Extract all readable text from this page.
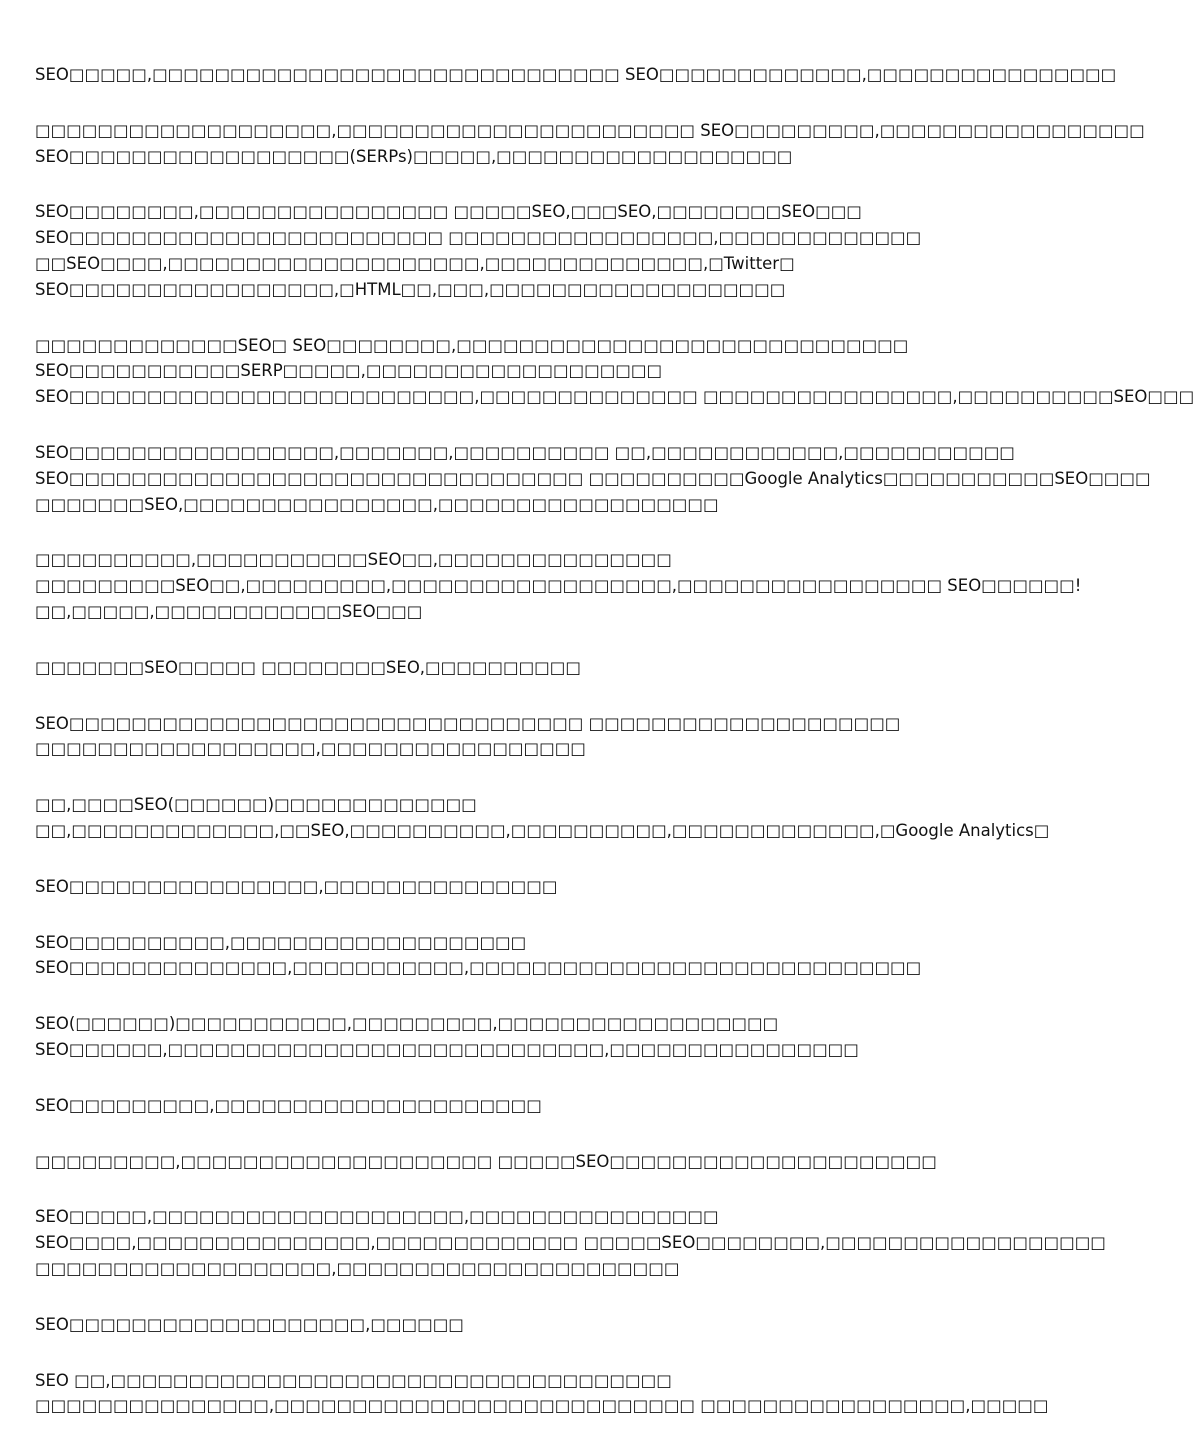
SEO□□□□□,□□□□□□□□□□□□□□□□□□□□□□□□□□□□□□ SEO□□□□□□□□□□□□□,□□□□□□□□□□□□□□□□
□□□□□□□□□□□□□□□□□□□,□□□□□□□□□□□□□□□□□□□□□□□ SEO□□□□□□□□□,□□□□□□□□□□□□□□□□□
SEO□□□□□□□□□□□□□□□□□□(SERPs)□□□□□,□□□□□□□□□□□□□□□□□□□
SEO□□□□□□□□,□□□□□□□□□□□□□□□□ □□□□□SEO,□□□SEO,□□□□□□□□SEO□□□
SEO□□□□□□□□□□□□□□□□□□□□□□□□ □□□□□□□□□□□□□□□□□,□□□□□□□□□□□□□
□□SEO□□□□,□□□□□□□□□□□□□□□□□□□□,□□□□□□□□□□□□□□,□Twitter□
SEO□□□□□□□□□□□□□□□□□,□HTML□□,□□□,□□□□□□□□□□□□□□□□□□□
□□□□□□□□□□□□□SEO□ SEO□□□□□□□□,□□□□□□□□□□□□□□□□□□□□□□□□□□□□□
SEO□□□□□□□□□□□SERP□□□□□,□□□□□□□□□□□□□□□□□□□
SEO□□□□□□□□□□□□□□□□□□□□□□□□□□,□□□□□□□□□□□□□□ □□□□□□□□□□□□□□□□,□□□□□□□□□□SEO□□□
SEO□□□□□□□□□□□□□□□□□,□□□□□□□,□□□□□□□□□□ □□,□□□□□□□□□□□□,□□□□□□□□□□□
SEO□□□□□□□□□□□□□□□□□□□□□□□□□□□□□□□□□ □□□□□□□□□□Google Analytics□□□□□□□□□□□SEO□□□□
□□□□□□□SEO,□□□□□□□□□□□□□□□□,□□□□□□□□□□□□□□□□□□
□□□□□□□□□□,□□□□□□□□□□□SEO□□,□□□□□□□□□□□□□□□
□□□□□□□□□SEO□□,□□□□□□□□□,□□□□□□□□□□□□□□□□□□,□□□□□□□□□□□□□□□□□ SEO□□□□□□!
□□,□□□□□,□□□□□□□□□□□□SEO□□□
□□□□□□□SEO□□□□□ □□□□□□□□SEO,□□□□□□□□□□
SEO□□□□□□□□□□□□□□□□□□□□□□□□□□□□□□□□□ □□□□□□□□□□□□□□□□□□□□
□□□□□□□□□□□□□□□□□□,□□□□□□□□□□□□□□□□□
□□,□□□□SEO(□□□□□□)□□□□□□□□□□□□□
□□,□□□□□□□□□□□□□,□□SEO,□□□□□□□□□□,□□□□□□□□□□,□□□□□□□□□□□□□,□Google Analytics□
SEO□□□□□□□□□□□□□□□□,□□□□□□□□□□□□□□□
SEO□□□□□□□□□□,□□□□□□□□□□□□□□□□□□□
SEO□□□□□□□□□□□□□□,□□□□□□□□□□□,□□□□□□□□□□□□□□□□□□□□□□□□□□□□□
SEO(□□□□□□)□□□□□□□□□□□,□□□□□□□□□,□□□□□□□□□□□□□□□□□□
SEO□□□□□□,□□□□□□□□□□□□□□□□□□□□□□□□□□□□,□□□□□□□□□□□□□□□□
SEO□□□□□□□□□,□□□□□□□□□□□□□□□□□□□□□
□□□□□□□□□,□□□□□□□□□□□□□□□□□□□□ □□□□□SEO□□□□□□□□□□□□□□□□□□□□□
SEO□□□□□,□□□□□□□□□□□□□□□□□□□□,□□□□□□□□□□□□□□□□
SEO□□□□,□□□□□□□□□□□□□□□,□□□□□□□□□□□□□ □□□□□SEO□□□□□□□□,□□□□□□□□□□□□□□□□□□
□□□□□□□□□□□□□□□□□□□,□□□□□□□□□□□□□□□□□□□□□□
SEO□□□□□□□□□□□□□□□□□□□,□□□□□□
SEO □□,□□□□□□□□□□□□□□□□□□□□□□□□□□□□□□□□□□□□
□□□□□□□□□□□□□□□,□□□□□□□□□□□□□□□□□□□□□□□□□□□ □□□□□□□□□□□□□□□□□,□□□□□
